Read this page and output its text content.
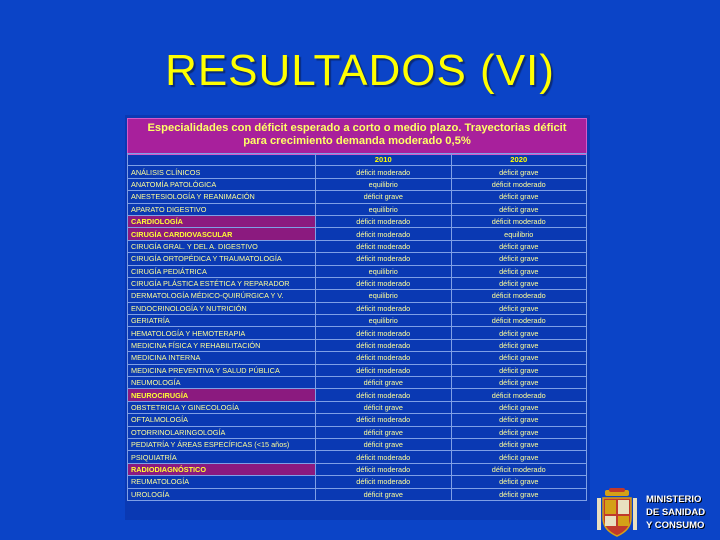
RESULTADOS (VI)
Especialidades con déficit esperado a corto o medio plazo. Trayectorias déficit
para crecimiento demanda moderado 0,5%
	2010	2020
ANÁLISIS CLÍNICOS	déficit moderado	déficit grave
ANATOMÍA PATOLÓGICA	equilibrio	déficit moderado
ANESTESIOLOGÍA Y REANIMACIÓN	déficit grave	déficit grave
APARATO DIGESTIVO	equilibrio	déficit grave
CARDIOLOGÍA	déficit moderado	déficit moderado
CIRUGÍA CARDIOVASCULAR	déficit moderado	equilibrio
CIRUGÍA GRAL. Y DEL A. DIGESTIVO	déficit moderado	déficit grave
CIRUGÍA ORTOPÉDICA Y TRAUMATOLOGÍA	déficit moderado	déficit grave
CIRUGÍA PEDIÁTRICA	equilibrio	déficit grave
CIRUGÍA PLÁSTICA ESTÉTICA Y REPARADOR	déficit moderado	déficit grave
DERMATOLOGÍA MÉDICO-QUIRÚRGICA Y V.	equilibrio	déficit moderado
ENDOCRINOLOGÍA Y NUTRICIÓN	déficit moderado	déficit grave
GERIATRÍA	equilibrio	déficit moderado
HEMATOLOGÍA Y HEMOTERAPIA	déficit moderado	déficit grave
MEDICINA FÍSICA Y REHABILITACIÓN	déficit moderado	déficit grave
MEDICINA INTERNA	déficit moderado	déficit grave
MEDICINA PREVENTIVA Y SALUD PÚBLICA	déficit moderado	déficit grave
NEUMOLOGÍA	déficit grave	déficit grave
NEUROCIRUGÍA	déficit moderado	déficit moderado
OBSTETRICIA Y GINECOLOGÍA	déficit grave	déficit grave
OFTALMOLOGÍA	déficit moderado	déficit grave
OTORRINOLARINGOLOGÍA	déficit grave	déficit grave
PEDIATRÍA Y ÁREAS ESPECÍFICAS (<15 años)	déficit grave	déficit grave
PSIQUIATRÍA	déficit moderado	déficit grave
RADIODIAGNÓSTICO	déficit moderado	déficit moderado
REUMATOLOGÍA	déficit moderado	déficit grave
UROLOGÍA	déficit grave	déficit grave	MINISTERIO
DE SANIDAD
Y CONSUMO
